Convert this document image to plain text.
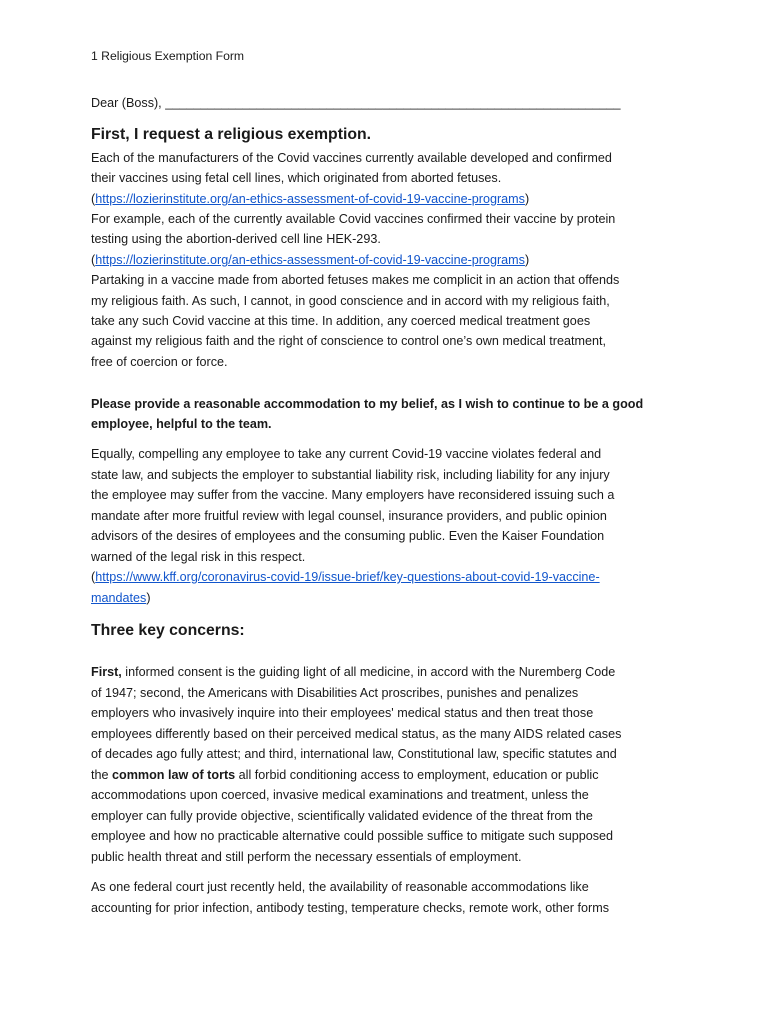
1 Religious Exemption Form
Dear (Boss), _________________________________________________________________
First, I request a religious exemption.
Each of the manufacturers of the Covid vaccines currently available developed and confirmed
their vaccines using fetal cell lines, which originated from aborted fetuses.
(https://lozierinstitute.org/an-ethics-assessment-of-covid-19-vaccine-programs)
For example, each of the currently available Covid vaccines confirmed their vaccine by protein
testing using the abortion-derived cell line HEK-293.
(https://lozierinstitute.org/an-ethics-assessment-of-covid-19-vaccine-programs)
Partaking in a vaccine made from aborted fetuses makes me complicit in an action that offends
my religious faith. As such, I cannot, in good conscience and in accord with my religious faith,
take any such Covid vaccine at this time. In addition, any coerced medical treatment goes
against my religious faith and the right of conscience to control one’s own medical treatment,
free of coercion or force.
Please provide a reasonable accommodation to my belief, as I wish to continue to be a good
employee, helpful to the team.
Equally, compelling any employee to take any current Covid-19 vaccine violates federal and
state law, and subjects the employer to substantial liability risk, including liability for any injury
the employee may suffer from the vaccine. Many employers have reconsidered issuing such a
mandate after more fruitful review with legal counsel, insurance providers, and public opinion
advisors of the desires of employees and the consuming public. Even the Kaiser Foundation
warned of the legal risk in this respect.
(https://www.kff.org/coronavirus-covid-19/issue-brief/key-questions-about-covid-19-vaccine-
mandates)
Three key concerns:
First, informed consent is the guiding light of all medicine, in accord with the Nuremberg Code
of 1947; second, the Americans with Disabilities Act proscribes, punishes and penalizes
employers who invasively inquire into their employees' medical status and then treat those
employees differently based on their perceived medical status, as the many AIDS related cases
of decades ago fully attest; and third, international law, Constitutional law, specific statutes and
the common law of torts all forbid conditioning access to employment, education or public
accommodations upon coerced, invasive medical examinations and treatment, unless the
employer can fully provide objective, scientifically validated evidence of the threat from the
employee and how no practicable alternative could possible suffice to mitigate such supposed
public health threat and still perform the necessary essentials of employment.
As one federal court just recently held, the availability of reasonable accommodations like
accounting for prior infection, antibody testing, temperature checks, remote work, other forms
